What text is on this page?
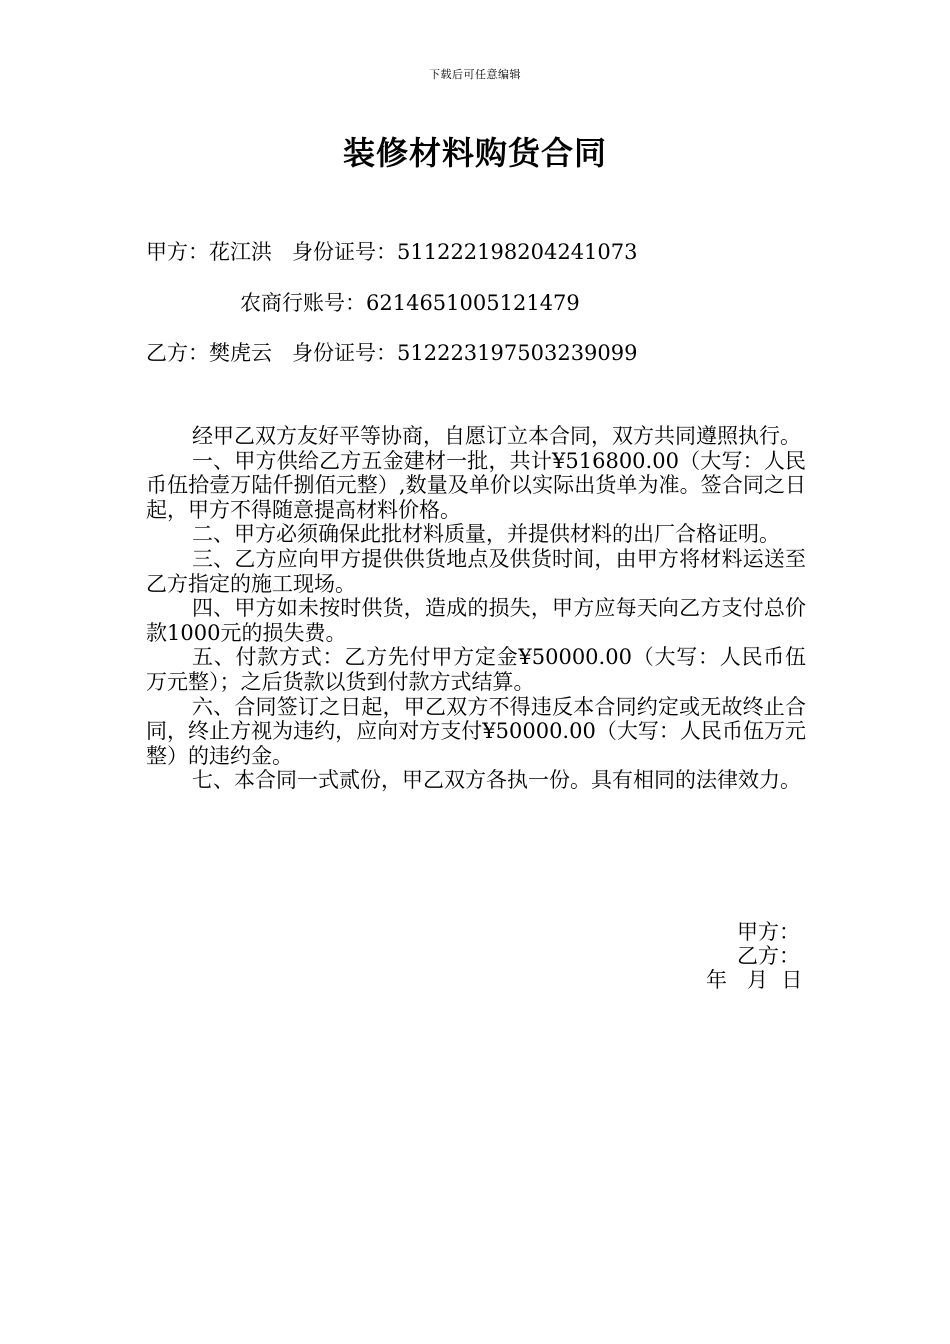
下载后可任意编辑
装修材料购货合同
甲方：花江洪 身份证号：511222198204241073
农商行账号：6214651005121479
乙方：樊虎云 身份证号：512223197503239099

经甲乙双方友好平等协商，自愿订立本合同，双方共同遵照执行。

一、甲方供给乙方五金建材一批，共计¥516800.00（大写：人民币伍拾壹万陆仟捌佰元整）,数量及单价以实际出货单为准。签合同之日起，甲方不得随意提高材料价格。

二、甲方必须确保此批材料质量，并提供材料的出厂合格证明。

三、乙方应向甲方提供供货地点及供货时间，由甲方将材料运送至乙方指定的施工现场。

四、甲方如未按时供货，造成的损失，甲方应每天向乙方支付总价款1000元的损失费。

五、付款方式：乙方先付甲方定金¥50000.00（大写：人民币伍万元整）；之后货款以货到付款方式结算。

六、合同签订之日起，甲乙双方不得违反本合同约定或无故终止合同，终止方视为违约，应向对方支付¥50000.00（大写：人民币伍万元整）的违约金。

七、本合同一式贰份，甲乙双方各执一份。具有相同的法律效力。

甲方：
乙方：
年   月  日
